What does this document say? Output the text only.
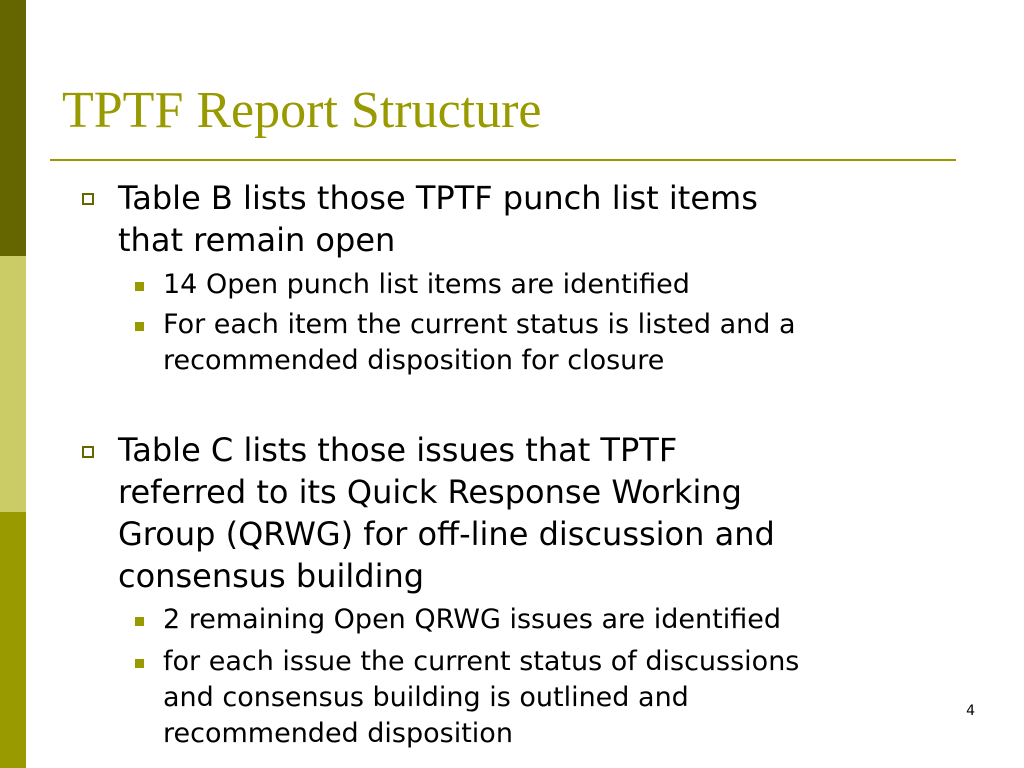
TPTF Report Structure
Table B lists those TPTF punch list items
that remain open
14 Open punch list items are identified
For each item the current status is listed and a
recommended disposition for closure
Table C lists those issues that TPTF
referred to its Quick Response Working
Group (QRWG) for off-line discussion and
consensus building
2 remaining Open QRWG issues are identified
for each issue the current status of discussions
and consensus building is outlined and
recommended disposition
4
